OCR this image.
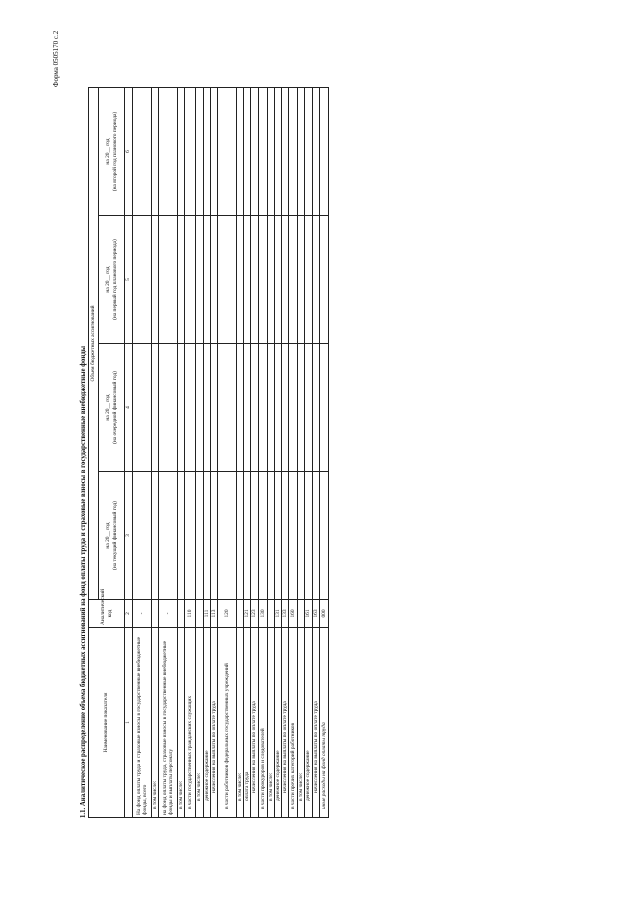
Форма 0505170 с.2
1.1. Аналитическое распределение объема бюджетных ассигнований на фонд оплаты труда и страховые взносы в государственные внебюджетные фонды	Наименование показателя	Аналитический код	Объем бюджетных ассигнований			

		на 20__ год (на текущий финансовый год)	на 20__ год (на очередной финансовый год)	на 20__ год (на первый год планового периода)	на 20__ год (на второй год планового периода)

1	2	3	4	5	6
На фонд оплаты труда и страховые взносы в государственные внебюджетные фонды, всего	-				
в том числе:					
на фонд оплаты труда, страховые взносы в государственные внебюджетные фонды и выплаты персоналу	-				
в том числе:					
в части государственных гражданских служащих	110				
в том числе:					
денежное содержание	111				
начисления на выплаты по оплате труда	113				
в части работников федеральных государственных учреждений	120				
в том числе:					
оплата труда	121				
начисления на выплаты по оплате труда	123				
в части прокуроров и следователей	130				
в том числе:					
денежное содержание	131				
начисления на выплаты по оплате труда	133				
в части прочих категорий работников	160				
в том числе:					
денежное содержание	161				
начисления на выплаты по оплате труда	163				
иные расходы на фонд оплаты труда	000				
